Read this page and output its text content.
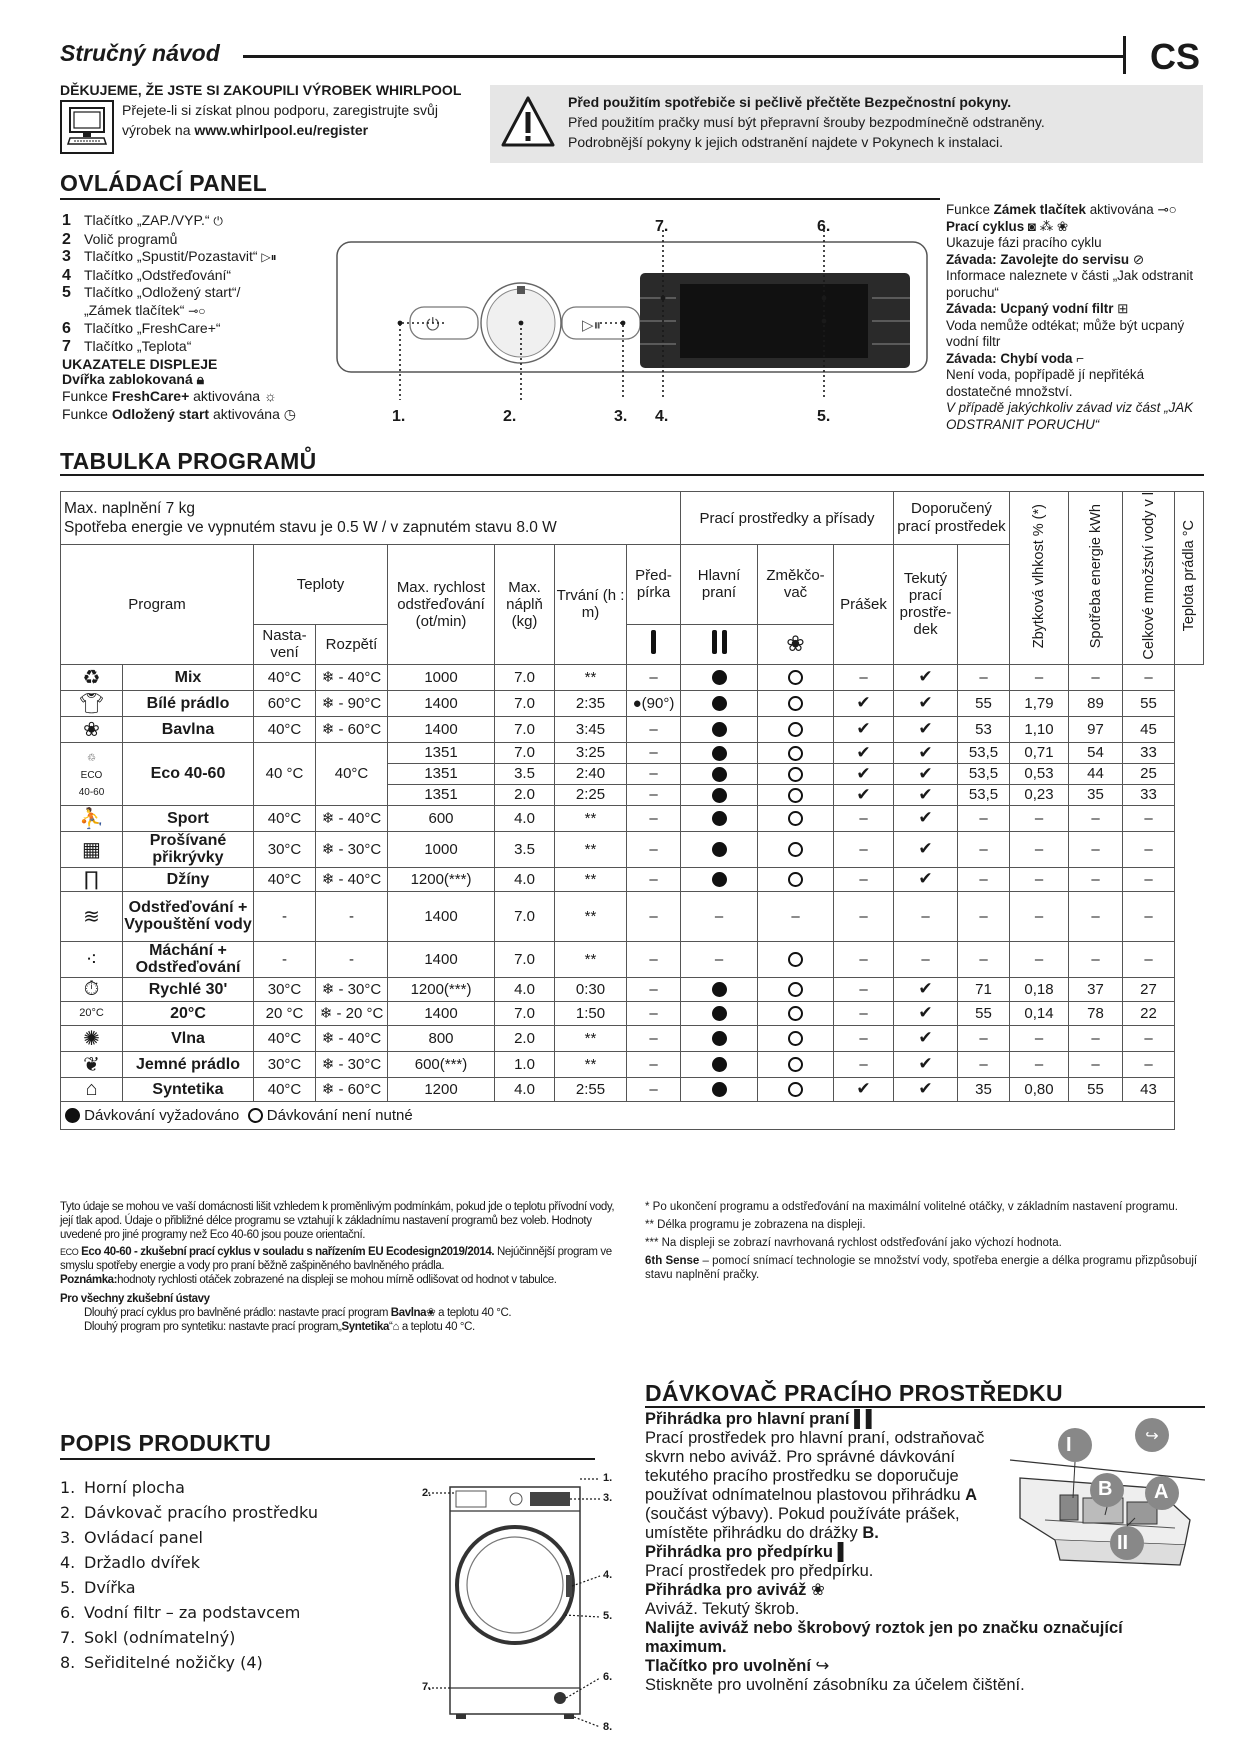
Stručný návod	CS
DĚKUJEME, ŽE JSTE SI ZAKOUPILI VÝROBEK WHIRLPOOL
Přejete-li si získat plnou podporu, zaregistrujte svůj výrobek na www.whirlpool.eu/register
Před použitím spotřebiče si pečlivě přečtěte Bezpečnostní pokyny.
Před použitím pračky musí být přepravní šrouby bezpodmínečně odstraněny.
Podrobnější pokyny k jejich odstranění najdete v Pokynech k instalaci.
OVLÁDACÍ PANEL
1 Tlačítko „ZAP./VYP.“ ⏻
2 Volič programů
3 Tlačítko „Spustit/Pozastavit“ ▷⏸
4 Tlačítko „Odstřeďování“
5 Tlačítko „Odložený start“/
„Zámek tlačítek“ ⊸○
6 Tlačítko „FreshCare+“
7 Tlačítko „Teplota“
UKAZATELE DISPLEJE
Dvířka zablokovaná 🔒︎
Funkce FreshCare+ aktivována ☼
Funkce Odložený start aktivována ◷
⏻	▷⏸
1.	2.	3. 4.	5.
6.
7.
Funkce Zámek tlačítek aktivována ⊸○
Prací cyklus ◙ ⁂ ❀
Ukazuje fázi pracího cyklu
Závada: Zavolejte do servisu ⊘
Informace naleznete v části „Jak odstranit poruchu“
Závada: Ucpaný vodní filtr ⊞
Voda nemůže odtékat; může být ucpaný vodní filtr
Závada: Chybí voda ⌐
Není voda, popřípadě jí nepřitéká dostatečné množství.
V případě jakýchkoliv závad viz část „JAK ODSTRANIT PORUCHU“
TABULKA PROGRAMŮ
Max. naplnění 7 kg
Spotřeba energie ve vypnutém stavu je 0.5 W / v zapnutém stavu 8.0 W								Prací prostředky a přísady			Doporučený prací prostředek		Zbytková vlhkost % (*)	Spotřeba energie kWh	Celkové množství vody v l	Teplota prádla °C
Program		Teploty		Max. rychlost odstřeďování (ot/min)	Max. náplň (kg)	Trvání (h : m)	Před- pírka	Hlavní praní	Změkčo- vač	Prášek	Tekutý prací prostře- dek					
		Nasta- vení	Rozpětí						❀							
♻	Mix	40°C	❄ - 40°C	1000	7.0	**	–			–	✔	–	–	–	–	
👕︎	Bílé prádlo	60°C	❄ - 90°C	1400	7.0	2:35	●(90°)			✔	✔	55	1,79	89	55	
❀	Bavlna	40°C	❄ - 60°C	1400	7.0	3:45	–			✔	✔	53	1,10	97	45	
♲
ECO
40-60	Eco 40-60	40 °C	40°C	1351	7.0	3:25	–			✔	✔	53,5	0,71	54	33	
				1351	3.5	2:40	–			✔	✔	53,5	0,53	44	25	
				1351	2.0	2:25	–			✔	✔	53,5	0,23	35	33	
⛹	Sport	40°C	❄ - 40°C	600	4.0	**	–			–	✔	–	–	–	–	
▦	Prošívané přikrývky	30°C	❄ - 30°C	1000	3.5	**	–			–	✔	–	–	–	–	
∏	Džíny	40°C	❄ - 40°C	1200(***)	4.0	**	–			–	✔	–	–	–	–	
≋	Odstřeďování + Vypouštění vody	-	-	1400	7.0	**	–	–	–	–	–	–	–	–	–	
⁖	Máchání + Odstřeďování	-	-	1400	7.0	**	–	–		–	–	–	–	–	–	
⏱	Rychlé 30'	30°C	❄ - 30°C	1200(***)	4.0	0:30	–			–	✔	71	0,18	37	27	
20°C	20°C	20 °C	❄ - 20 °C	1400	7.0	1:50	–			–	✔	55	0,14	78	22	
✺	Vlna	40°C	❄ - 40°C	800	2.0	**	–			–	✔	–	–	–	–	
❦	Jemné prádlo	30°C	❄ - 30°C	600(***)	1.0	**	–			–	✔	–	–	–	–	
⌂	Syntetika	40°C	❄ - 60°C	1200	4.0	2:55	–			✔	✔	35	0,80	55	43	
Dávkování vyžadováno Dávkování není nutné																
Tyto údaje se mohou ve vaší domácnosti lišit vzhledem k proměnlivým podmínkám, pokud jde o teplotu přívodní vody, její tlak apod. Údaje o přibližné délce programu se vztahují k základnímu nastavení programů bez voleb. Hodnoty uvedené pro jiné programy než Eco 40-60 jsou pouze orientační.
ECO Eco 40-60 - zkušební prací cyklus v souladu s nařízením EU Ecodesign2019/2014. Nejúčinnější program ve smyslu spotřeby energie a vody pro praní běžně zašpiněného bavlněného prádla.
Poznámka:hodnoty rychlosti otáček zobrazené na displeji se mohou mírně odlišovat od hodnot v tabulce.
Pro všechny zkušební ústavy
Dlouhý prací cyklus pro bavlněné prádlo: nastavte prací program Bavlna❀ a teplotu 40 °C.
Dlouhý program pro syntetiku: nastavte prací program„Syntetika“⌂ a teplotu 40 °C.
* Po ukončení programu a odstřeďování na maximální volitelné otáčky, v základním nastavení programu.
** Délka programu je zobrazena na displeji.
*** Na displeji se zobrazí navrhovaná rychlost odstřeďování jako výchozí hodnota.
6th Sense – pomocí snímací technologie se množství vody, spotřeba energie a délka programu přizpůsobují stavu naplnění pračky.
POPIS PRODUKTU
1. Horní plocha
2. Dávkovač pracího prostředku
3. Ovládací panel
4. Držadlo dvířek
5. Dvířka
6. Vodní filtr – za podstavcem
7. Sokl (odnímatelný)
8. Seřiditelné nožičky (4)
1.
2.	3.
4.
5.
6.
7.
8.
DÁVKOVAČ PRACÍHO PROSTŘEDKU
Přihrádka pro hlavní praní ▌▌
Prací prostředek pro hlavní praní, odstraňovač skvrn nebo aviváž. Pro správné dávkování tekutého pracího prostředku se doporučuje používat odnímatelnou plastovou přihrádku A (součást výbavy). Pokud používáte prášek, umístěte přihrádku do drážky B.
Přihrádka pro předpírku ▌
Prací prostředek pro předpírku.
Přihrádka pro aviváž ❀
Aviváž. Tekutý škrob.
Nalijte aviváž nebo škrobový roztok jen po značku označující maximum.
Tlačítko pro uvolnění ↪
Stiskněte pro uvolnění zásobníku za účelem čištění.
↪
I
B A
II
